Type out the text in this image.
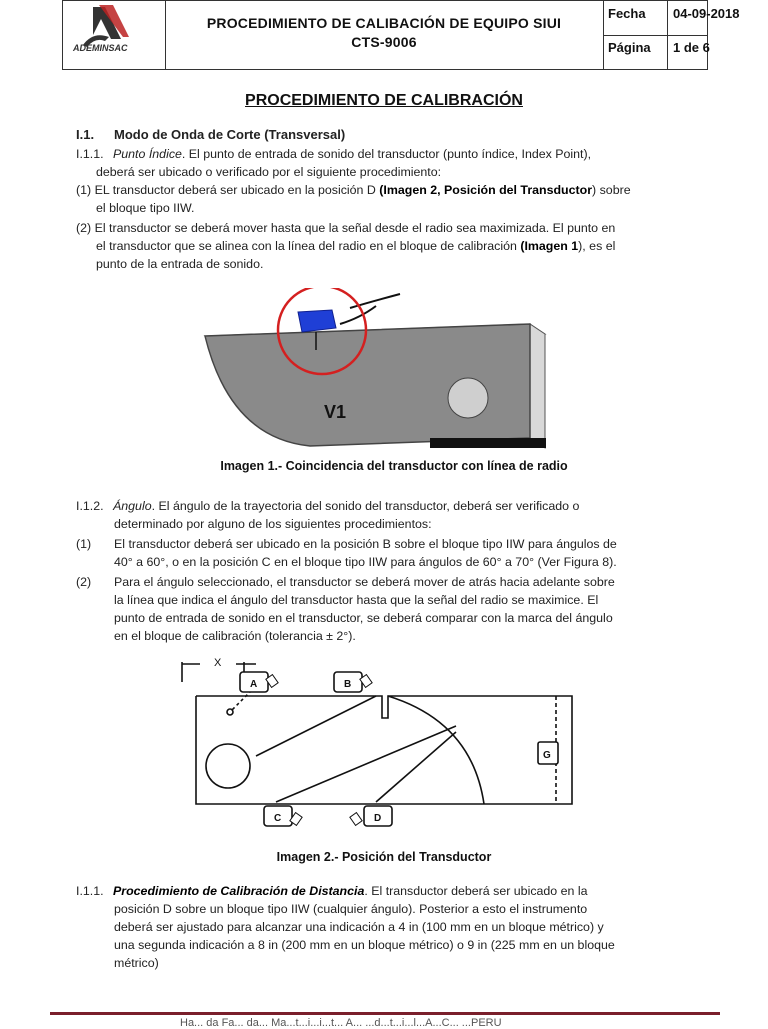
ADEMINSAC
PROCEDIMIENTO DE CALIBACIÓN DE EQUIPO SIUI
CTS-9006
Fecha 04-09-2018
Página 1 de 6
PROCEDIMIENTO DE CALIBRACIÓN
I.1. Modo de Onda de Corte (Transversal)
I.1.1. Punto Índice. El punto de entrada de sonido del transductor (punto índice, Index Point),
deberá ser ubicado o verificado por el siguiente procedimiento:
(1) EL transductor deberá ser ubicado en la posición D (Imagen 2, Posición del Transductor) sobre
el bloque tipo IIW.
(2) El transductor se deberá mover hasta que la señal desde el radio sea maximizada. El punto en
el transductor que se alinea con la línea del radio en el bloque de calibración (Imagen 1), es el
punto de la entrada de sonido.
V1
Imagen 1.- Coincidencia del transductor con línea de radio
I.1.2. Ángulo. El ángulo de la trayectoria del sonido del transductor, deberá ser verificado o
determinado por alguno de los siguientes procedimientos:
(1) El transductor deberá ser ubicado en la posición B sobre el bloque tipo IIW para ángulos de
40° a 60°, o en la posición C en el bloque tipo IIW para ángulos de 60° a 70° (Ver Figura 8).
(2) Para el ángulo seleccionado, el transductor se deberá mover de atrás hacia adelante sobre
la línea que indica el ángulo del transductor hasta que la señal del radio se maximice. El
punto de entrada de sonido en el transductor, se deberá comparar con la marca del ángulo
en el bloque de calibración (tolerancia ± 2°).
X
A	B
C	D
G
Imagen 2.- Posición del Transductor
I.1.1. Procedimiento de Calibración de Distancia. El transductor deberá ser ubicado en la
posición D sobre un bloque tipo IIW (cualquier ángulo). Posterior a esto el instrumento
deberá ser ajustado para alcanzar una indicación a 4 in (100 mm en un bloque métrico) y
una segunda indicación a 8 in (200 mm en un bloque métrico) o 9 in (225 mm en un bloque
métrico)
Ha... da Fa... da... Ma...t...i...i...t... A... ...d...t...i...l...A...C... ...PERU
